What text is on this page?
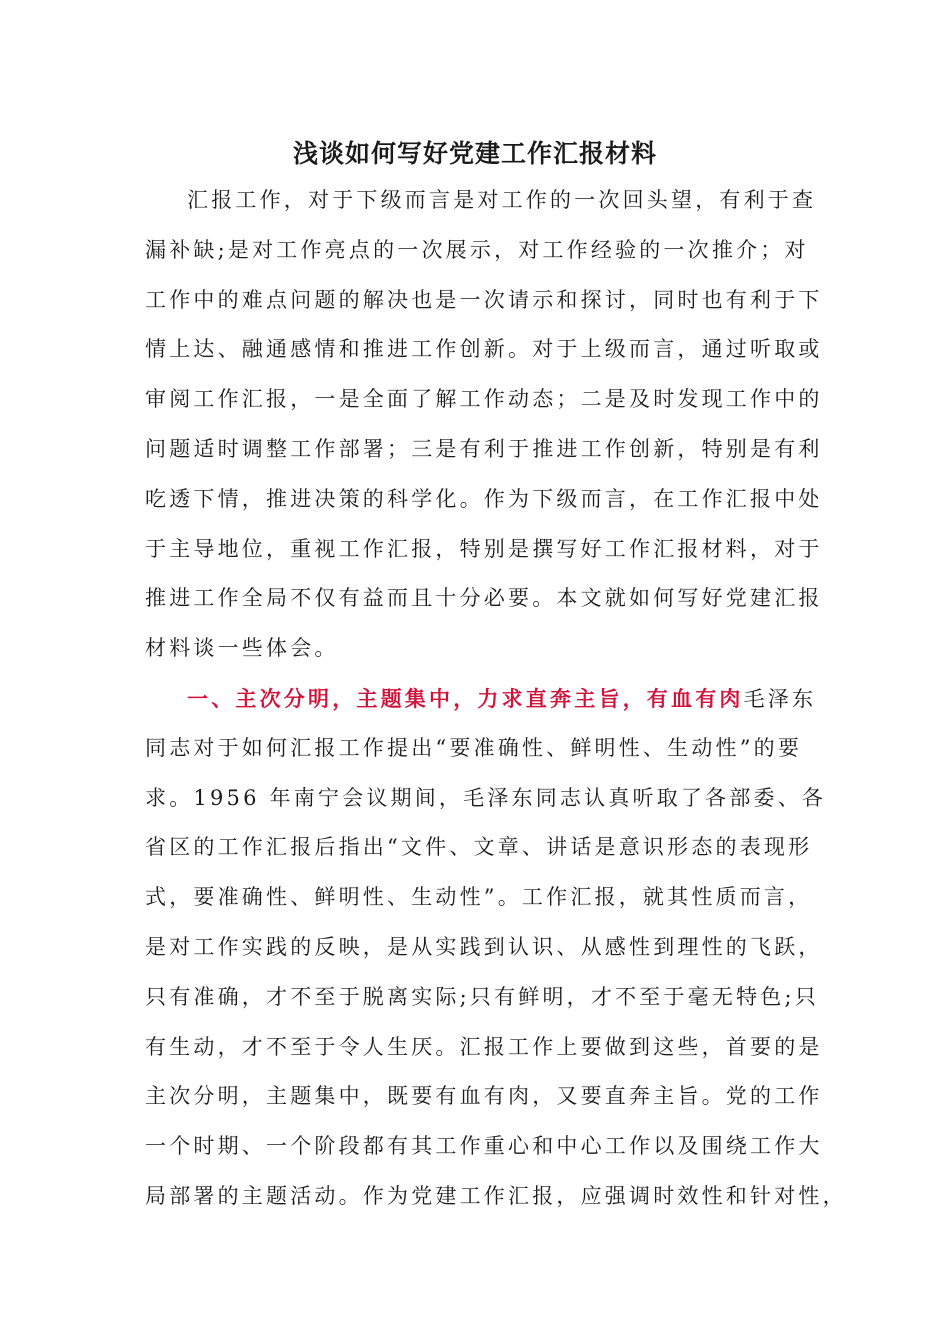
浅谈如何写好党建工作汇报材料
汇报工作，对于下级而言是对工作的一次回头望，有利于查
漏补缺;是对工作亮点的一次展示，对工作经验的一次推介；对
工作中的难点问题的解决也是一次请示和探讨，同时也有利于下
情上达、融通感情和推进工作创新。对于上级而言，通过听取或
审阅工作汇报，一是全面了解工作动态；二是及时发现工作中的
问题适时调整工作部署；三是有利于推进工作创新，特别是有利
吃透下情，推进决策的科学化。作为下级而言，在工作汇报中处
于主导地位，重视工作汇报，特别是撰写好工作汇报材料，对于
推进工作全局不仅有益而且十分必要。本文就如何写好党建汇报
材料谈一些体会。
一、主次分明，主题集中，力求直奔主旨，有血有肉毛泽东
同志对于如何汇报工作提出“要准确性、鲜明性、生动性”的要
求。1956 年南宁会议期间，毛泽东同志认真听取了各部委、各
省区的工作汇报后指出“文件、文章、讲话是意识形态的表现形
式，要准确性、鲜明性、生动性”。工作汇报，就其性质而言，
是对工作实践的反映，是从实践到认识、从感性到理性的飞跃，
只有准确，才不至于脱离实际;只有鲜明，才不至于毫无特色;只
有生动，才不至于令人生厌。汇报工作上要做到这些，首要的是
主次分明，主题集中，既要有血有肉，又要直奔主旨。党的工作
一个时期、一个阶段都有其工作重心和中心工作以及围绕工作大
局部署的主题活动。作为党建工作汇报，应强调时效性和针对性，
